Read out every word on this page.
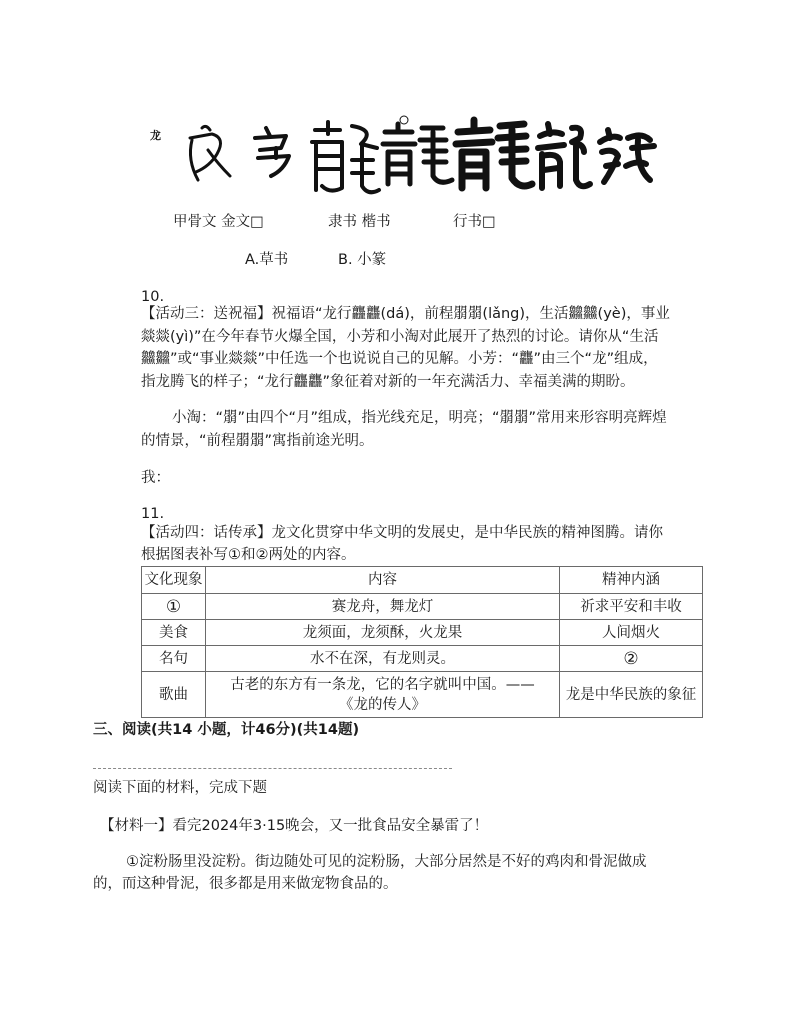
龙
甲骨文 金文□	隶书 楷书	行书□
A.草书	B. 小篆
10.
【活动三：送祝福】祝福语“龙行龘龘(dá)，前程朤朤(lǎng)，生活䲜䲜(yè)，事业
燚燚(yì)”在今年春节火爆全国，小芳和小淘对此展开了热烈的讨论。请你从“生活
䲜䲜”或“事业燚燚”中任选一个也说说自己的见解。小芳：“龘”由三个“龙”组成，
指龙腾飞的样子；“龙行龘龘”象征着对新的一年充满活力、幸福美满的期盼。
小淘：“朤”由四个“月”组成，指光线充足，明亮；“朤朤”常用来形容明亮辉煌
的情景，“前程朤朤”寓指前途光明。
我：
11.
【活动四：话传承】龙文化贯穿中华文明的发展史，是中华民族的精神图腾。请你
根据图表补写①和②两处的内容。
文化现象	内容	精神内涵
①	赛龙舟，舞龙灯	祈求平安和丰收
美食	龙须面，龙须酥，火龙果	人间烟火
名句	水不在深，有龙则灵。	②
歌曲	古老的东方有一条龙，它的名字就叫中国。——
《龙的传人》	龙是中华民族的象征
三、阅读(共14 小题，计46分)(共14题)
阅读下面的材料，完成下题
【材料一】看完2024年3·15晚会，又一批食品安全暴雷了！
①淀粉肠里没淀粉。街边随处可见的淀粉肠，大部分居然是不好的鸡肉和骨泥做成
的，而这种骨泥，很多都是用来做宠物食品的。
